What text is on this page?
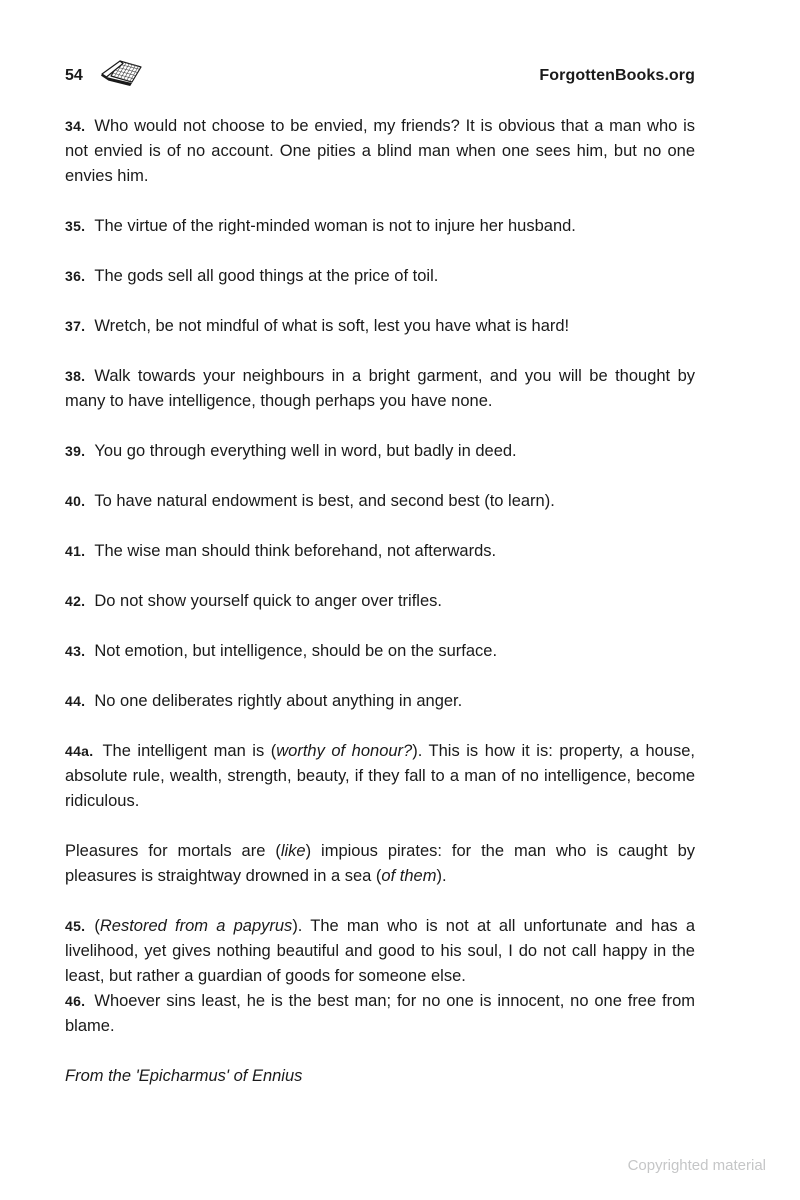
54	ForgottenBooks.org

34. Who would not choose to be envied, my friends? It is obvious that a man who is not envied is of no account. One pities a blind man when one sees him, but no one envies him.

35. The virtue of the right-minded woman is not to injure her husband.

36. The gods sell all good things at the price of toil.

37. Wretch, be not mindful of what is soft, lest you have what is hard!

38. Walk towards your neighbours in a bright garment, and you will be thought by many to have intelligence, though perhaps you have none.

39. You go through everything well in word, but badly in deed.

40. To have natural endowment is best, and second best (to learn).

41. The wise man should think beforehand, not afterwards.

42. Do not show yourself quick to anger over trifles.

43. Not emotion, but intelligence, should be on the surface.

44. No one deliberates rightly about anything in anger.

44a. The intelligent man is (worthy of honour?). This is how it is: property, a house, absolute rule, wealth, strength, beauty, if they fall to a man of no intelligence, become ridiculous.

Pleasures for mortals are (like) impious pirates: for the man who is caught by pleasures is straightway drowned in a sea (of them).

45. (Restored from a papyrus). The man who is not at all unfortunate and has a livelihood, yet gives nothing beautiful and good to his soul, I do not call happy in the least, but rather a guardian of goods for someone else.

46. Whoever sins least, he is the best man; for no one is innocent, no one free from blame.

From the 'Epicharmus' of Ennius

Copyrighted material
